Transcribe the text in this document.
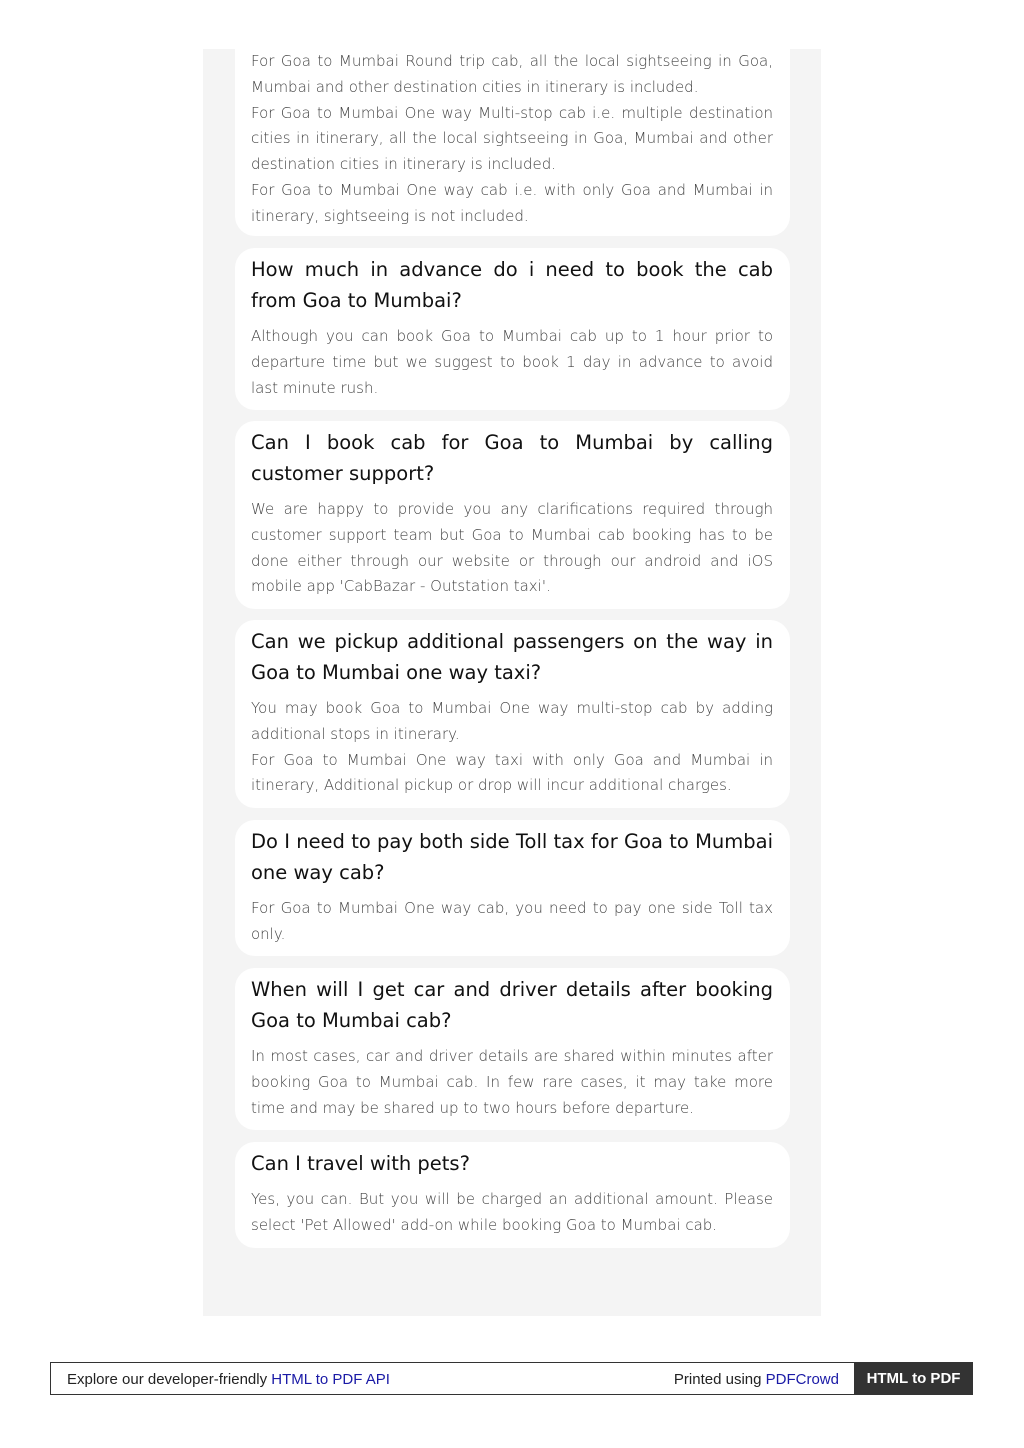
For Goa to Mumbai Round trip cab, all the local sightseeing in Goa, Mumbai and other destination cities in itinerary is included.

For Goa to Mumbai One way Multi-stop cab i.e. multiple destination cities in itinerary, all the local sightseeing in Goa, Mumbai and other destination cities in itinerary is included.

For Goa to Mumbai One way cab i.e. with only Goa and Mumbai in itinerary, sightseeing is not included.

How much in advance do i need to book the cab from Goa to Mumbai?

Although you can book Goa to Mumbai cab up to 1 hour prior to departure time but we suggest to book 1 day in advance to avoid last minute rush.

Can I book cab for Goa to Mumbai by calling customer support?

We are happy to provide you any clarifications required through customer support team but Goa to Mumbai cab booking has to be done either through our website or through our android and iOS mobile app 'CabBazar - Outstation taxi'.

Can we pickup additional passengers on the way in Goa to Mumbai one way taxi?

You may book Goa to Mumbai One way multi-stop cab by adding additional stops in itinerary.

For Goa to Mumbai One way taxi with only Goa and Mumbai in itinerary, Additional pickup or drop will incur additional charges.

Do I need to pay both side Toll tax for Goa to Mumbai one way cab?

For Goa to Mumbai One way cab, you need to pay one side Toll tax only.

When will I get car and driver details after booking Goa to Mumbai cab?

In most cases, car and driver details are shared within minutes after booking Goa to Mumbai cab. In few rare cases, it may take more time and may be shared up to two hours before departure.

Can I travel with pets?

Yes, you can. But you will be charged an additional amount. Please select 'Pet Allowed' add-on while booking Goa to Mumbai cab.

Explore our developer-friendly HTML to PDF API	Printed using PDFCrowd	HTML to PDF
